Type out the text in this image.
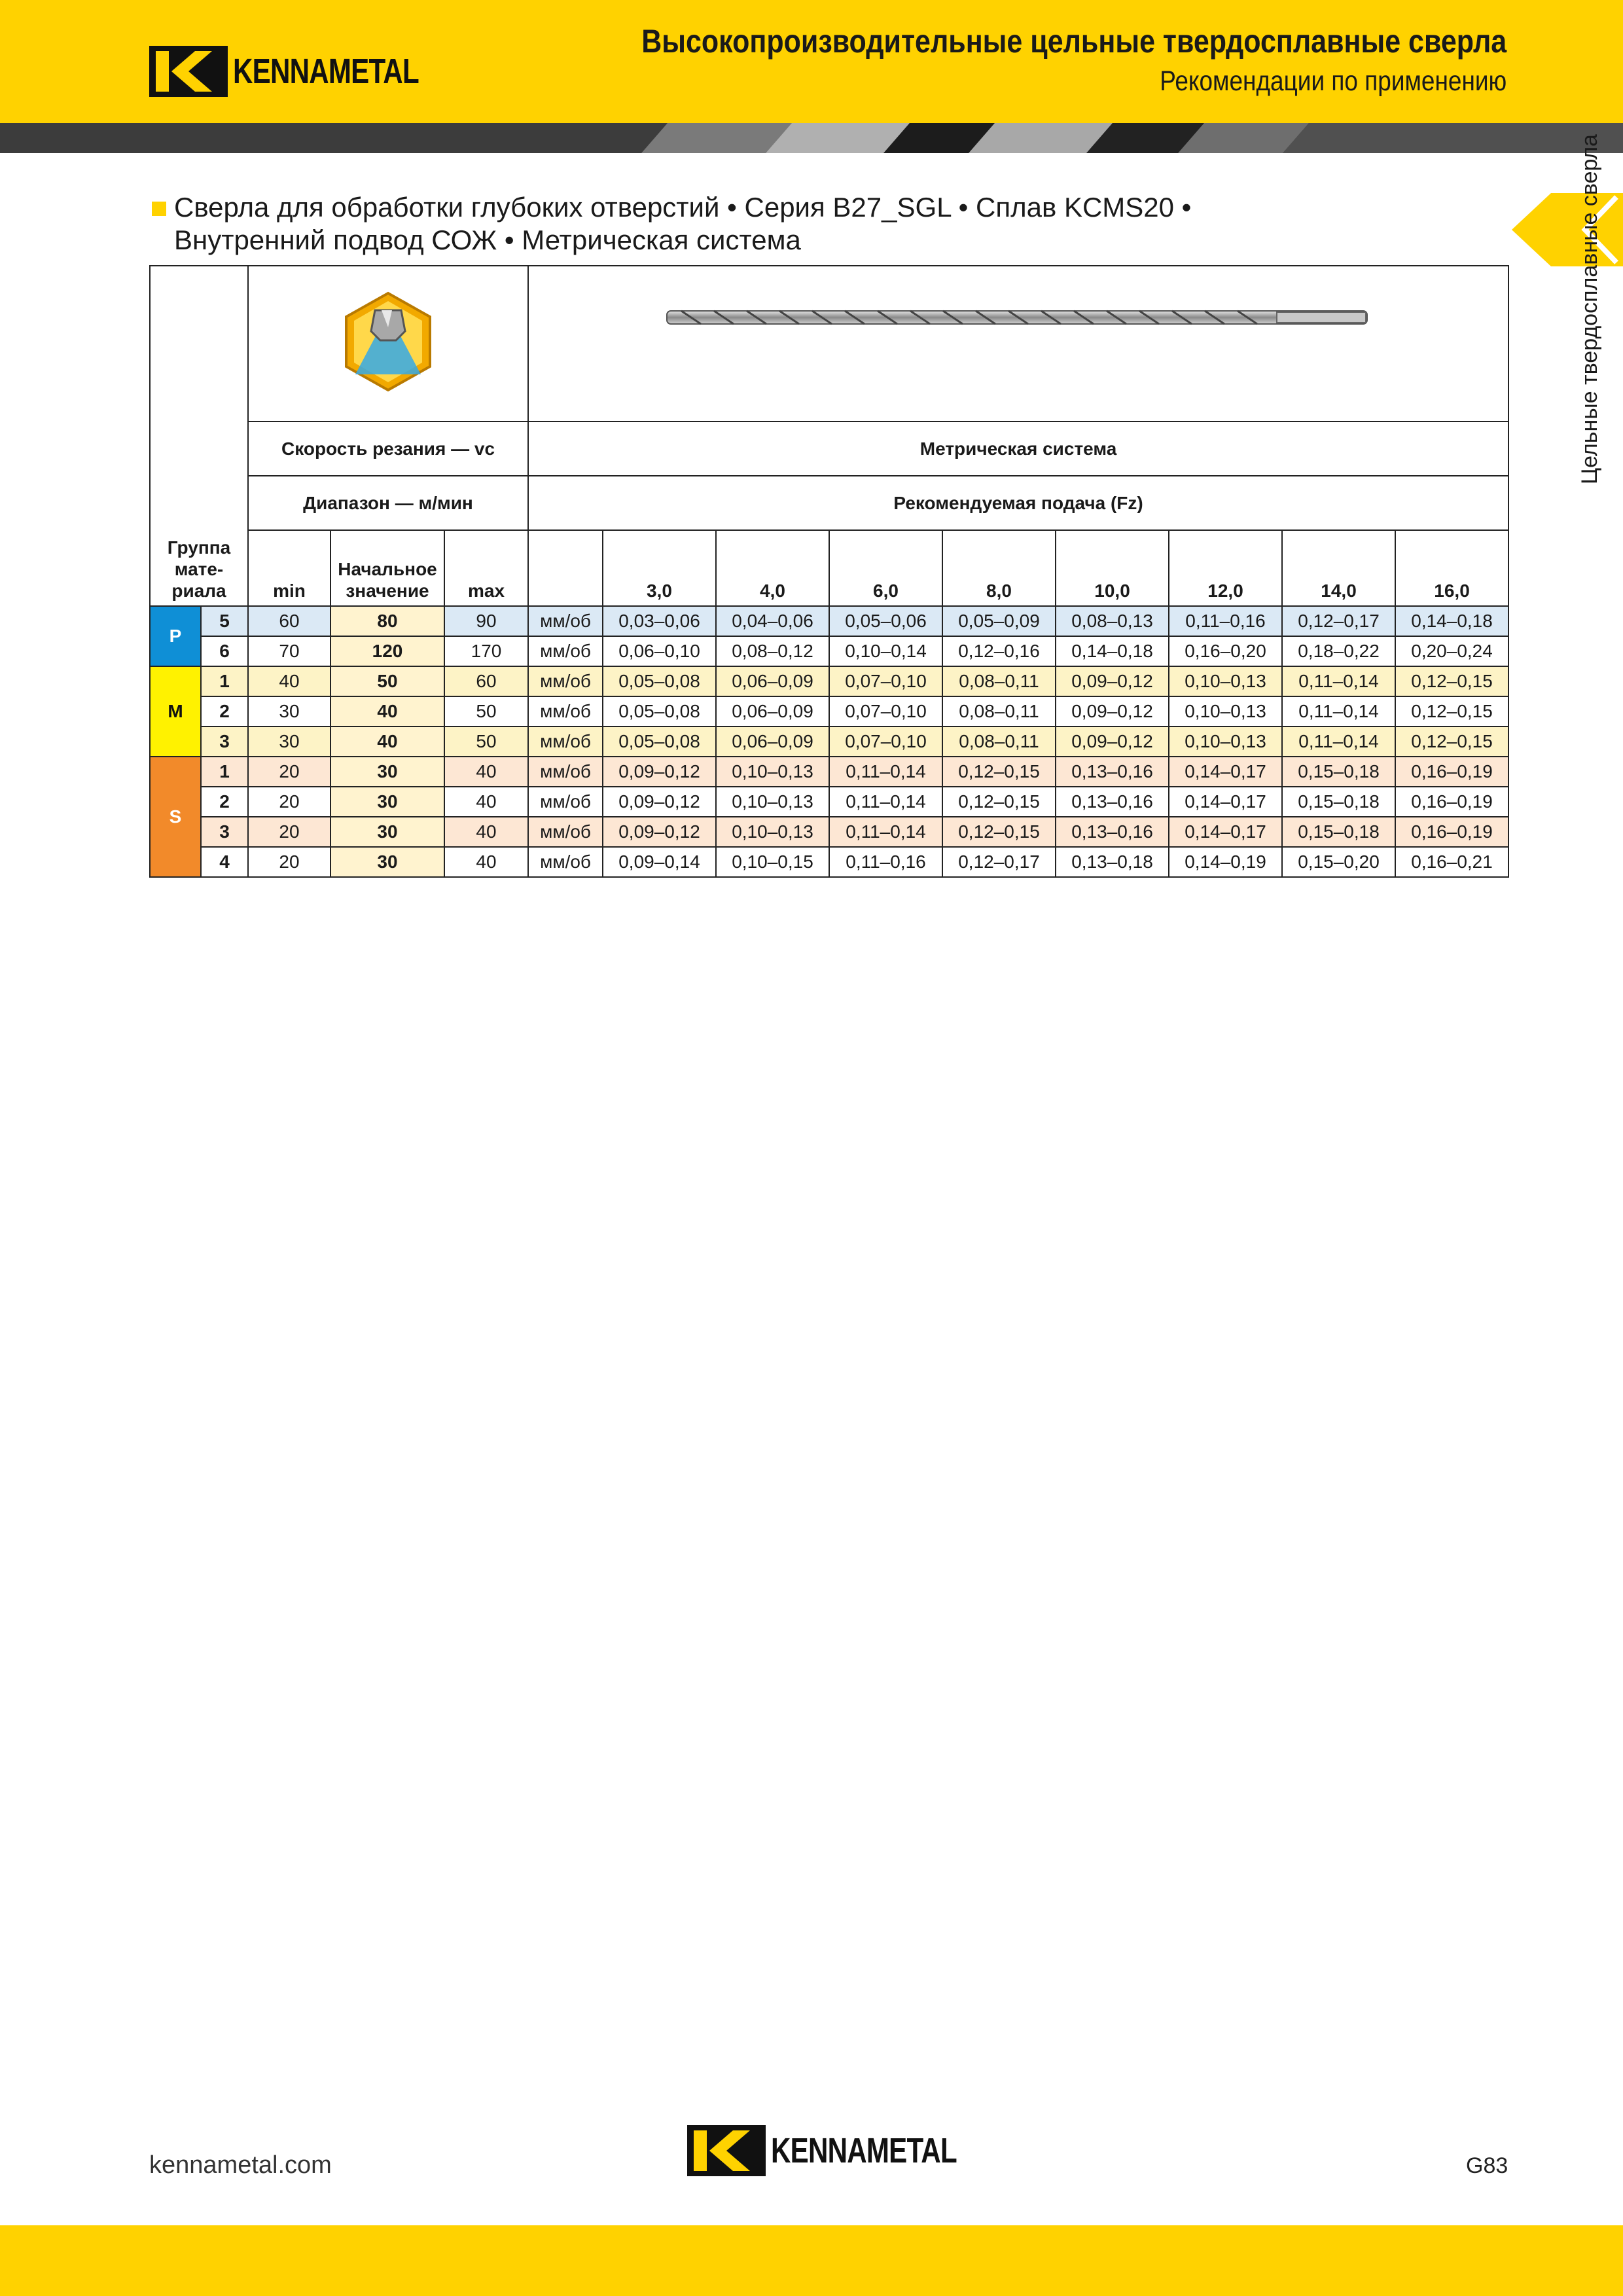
KENNAMETAL
Высокопроизводительные цельные твердосплавные сверла
Рекомендации по применению
Цельные твердосплавные сверла
Сверла для обработки глубоких отверстий • Серия B27_SGL • Сплав KCMS20 •
Внутренний подвод СОЖ • Метрическая система
Группа мате-риала

		Скорость резания — vc			Метрическая система								
		Диапазон — м/мин			Рекомендуемая подача (Fz)								
		min	Начальное значение	max		3,0	4,0	6,0	8,0	10,0	12,0	14,0	16,0
P	5	60	80	90	мм/об	0,03–0,06	0,04–0,06	0,05–0,06	0,05–0,09	0,08–0,13	0,11–0,16	0,12–0,17	0,14–0,18
	6	70	120	170	мм/об	0,06–0,10	0,08–0,12	0,10–0,14	0,12–0,16	0,14–0,18	0,16–0,20	0,18–0,22	0,20–0,24
M	1	40	50	60	мм/об	0,05–0,08	0,06–0,09	0,07–0,10	0,08–0,11	0,09–0,12	0,10–0,13	0,11–0,14	0,12–0,15
	2	30	40	50	мм/об	0,05–0,08	0,06–0,09	0,07–0,10	0,08–0,11	0,09–0,12	0,10–0,13	0,11–0,14	0,12–0,15
	3	30	40	50	мм/об	0,05–0,08	0,06–0,09	0,07–0,10	0,08–0,11	0,09–0,12	0,10–0,13	0,11–0,14	0,12–0,15
S	1	20	30	40	мм/об	0,09–0,12	0,10–0,13	0,11–0,14	0,12–0,15	0,13–0,16	0,14–0,17	0,15–0,18	0,16–0,19
	2	20	30	40	мм/об	0,09–0,12	0,10–0,13	0,11–0,14	0,12–0,15	0,13–0,16	0,14–0,17	0,15–0,18	0,16–0,19
	3	20	30	40	мм/об	0,09–0,12	0,10–0,13	0,11–0,14	0,12–0,15	0,13–0,16	0,14–0,17	0,15–0,18	0,16–0,19
	4	20	30	40	мм/об	0,09–0,14	0,10–0,15	0,11–0,16	0,12–0,17	0,13–0,18	0,14–0,19	0,15–0,20	0,16–0,21
kennametal.com	KENNAMETAL	G83
